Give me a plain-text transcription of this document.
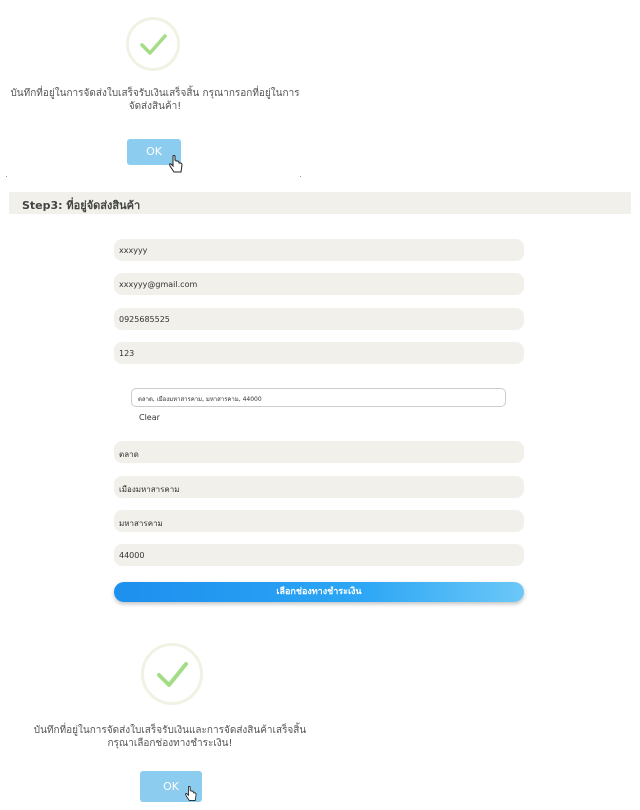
บันทึกที่อยู่ในการจัดส่งใบเสร็จรับเงินเสร็จสิ้น กรุณากรอกที่อยู่ในการ
จัดส่งสินค้า!
OK
Step3: ที่อยู่จัดส่งสินค้า
xxxyyy
xxxyyy@gmail.com
0925685525
123
ตลาด, เมืองมหาสารคาม, มหาสารคาม, 44000
Clear
ตลาด
เมืองมหาสารคาม
มหาสารคาม
44000
เลือกช่องทางชำระเงิน
บันทึกที่อยู่ในการจัดส่งใบเสร็จรับเงินและการจัดส่งสินค้าเสร็จสิ้น
กรุณาเลือกช่องทางชำระเงิน!
OK
